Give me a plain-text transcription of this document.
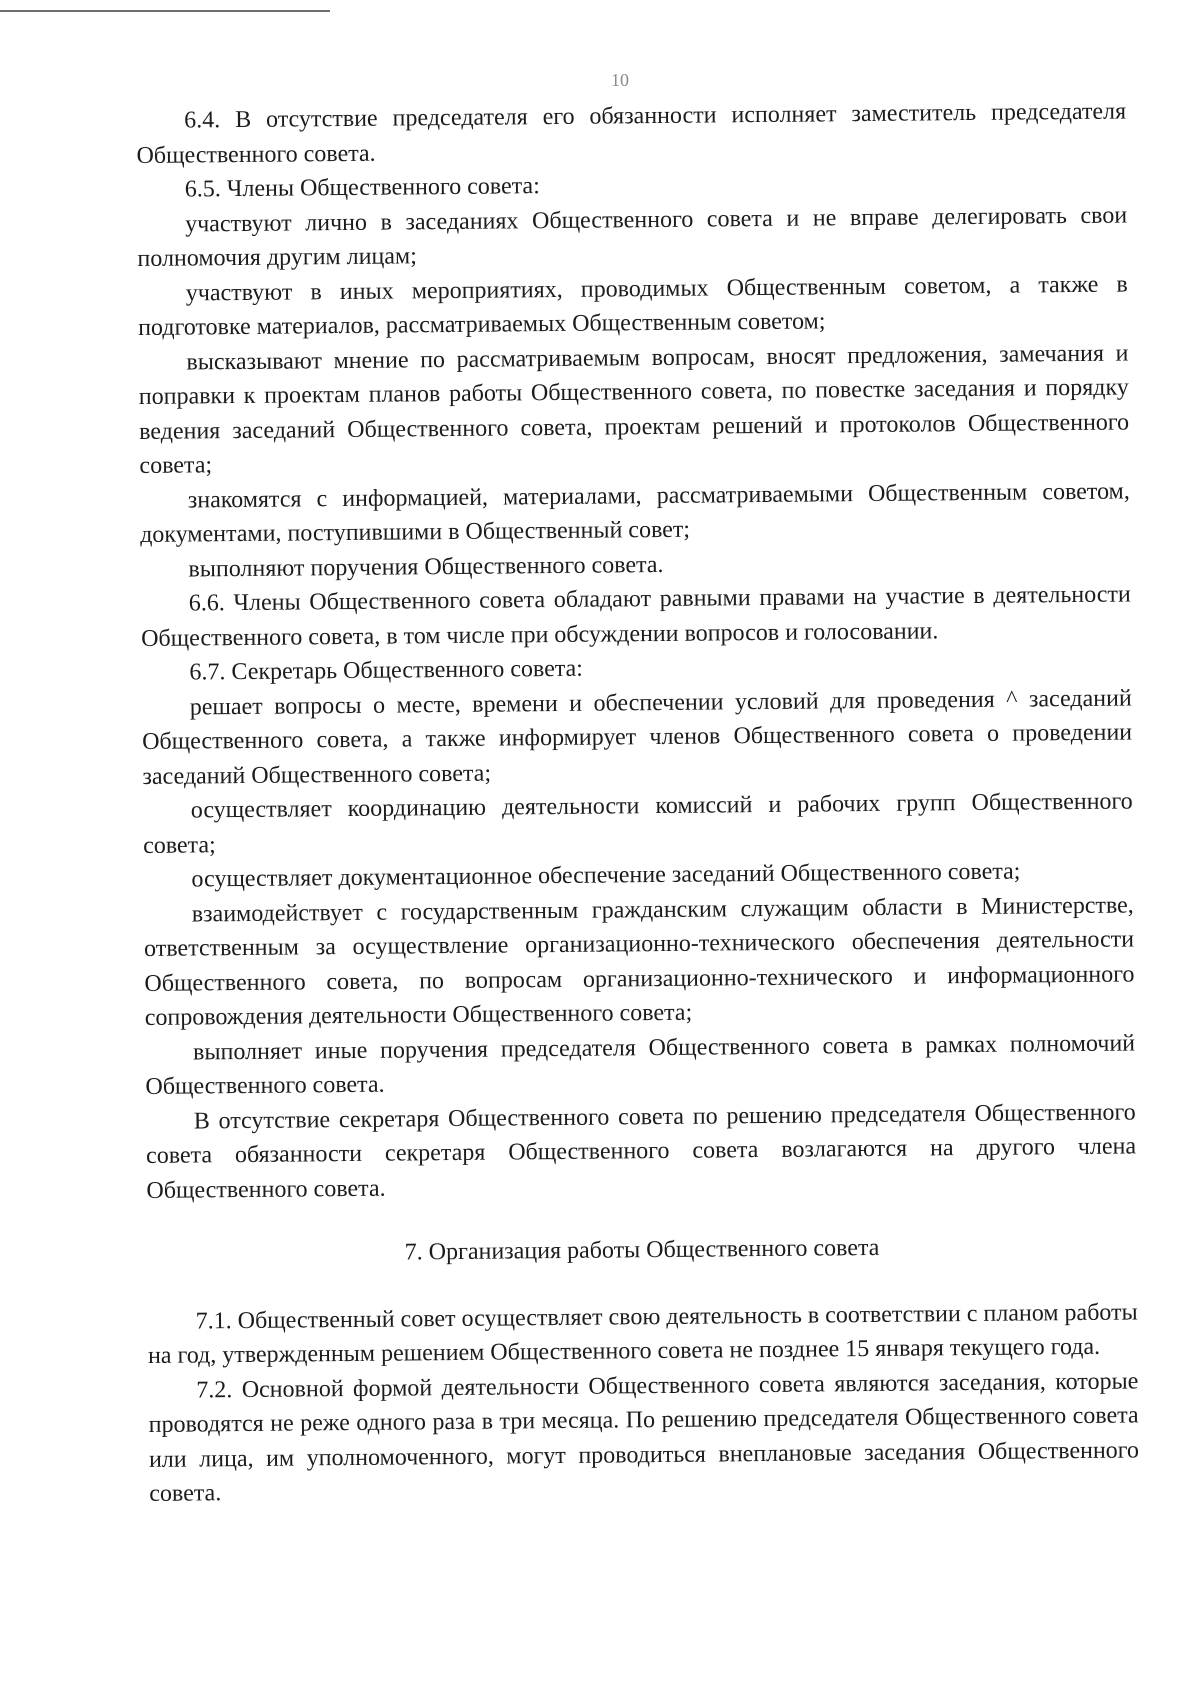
10

6.4. В отсутствие председателя его обязанности исполняет заместитель председателя Общественного совета.

6.5. Члены Общественного совета:

участвуют лично в заседаниях Общественного совета и не вправе делегировать свои полномочия другим лицам;

участвуют в иных мероприятиях, проводимых Общественным советом, а также в подготовке материалов, рассматриваемых Общественным советом;

высказывают мнение по рассматриваемым вопросам, вносят предложения, замечания и поправки к проектам планов работы Общественного совета, по повестке заседания и порядку ведения заседаний Общественного совета, проектам решений и протоколов Общественного совета;

знакомятся с информацией, материалами, рассматриваемыми Общественным советом, документами, поступившими в Общественный совет;

выполняют поручения Общественного совета.

6.6. Члены Общественного совета обладают равными правами на участие в деятельности Общественного совета, в том числе при обсуждении вопросов и голосовании.

6.7. Секретарь Общественного совета:

решает вопросы о месте, времени и обеспечении условий для проведения ^ заседаний Общественного совета, а также информирует членов Общественного совета о проведении заседаний Общественного совета;

осуществляет координацию деятельности комиссий и рабочих групп Общественного совета;

осуществляет документационное обеспечение заседаний Общественного совета;

взаимодействует с государственным гражданским служащим области в Министерстве, ответственным за осуществление организационно-технического обеспечения деятельности Общественного совета, по вопросам организационно-технического и информационного сопровождения деятельности Общественного совета;

выполняет иные поручения председателя Общественного совета в рамках полномочий Общественного совета.

В отсутствие секретаря Общественного совета по решению председателя Общественного совета обязанности секретаря Общественного совета возлагаются на другого члена Общественного совета.

7. Организация работы Общественного совета

7.1. Общественный совет осуществляет свою деятельность в соответствии с планом работы на год, утвержденным решением Общественного совета не позднее 15 января текущего года.

7.2. Основной формой деятельности Общественного совета являются заседания, которые проводятся не реже одного раза в три месяца. По решению председателя Общественного совета или лица, им уполномоченного, могут проводиться внеплановые заседания Общественного совета.
